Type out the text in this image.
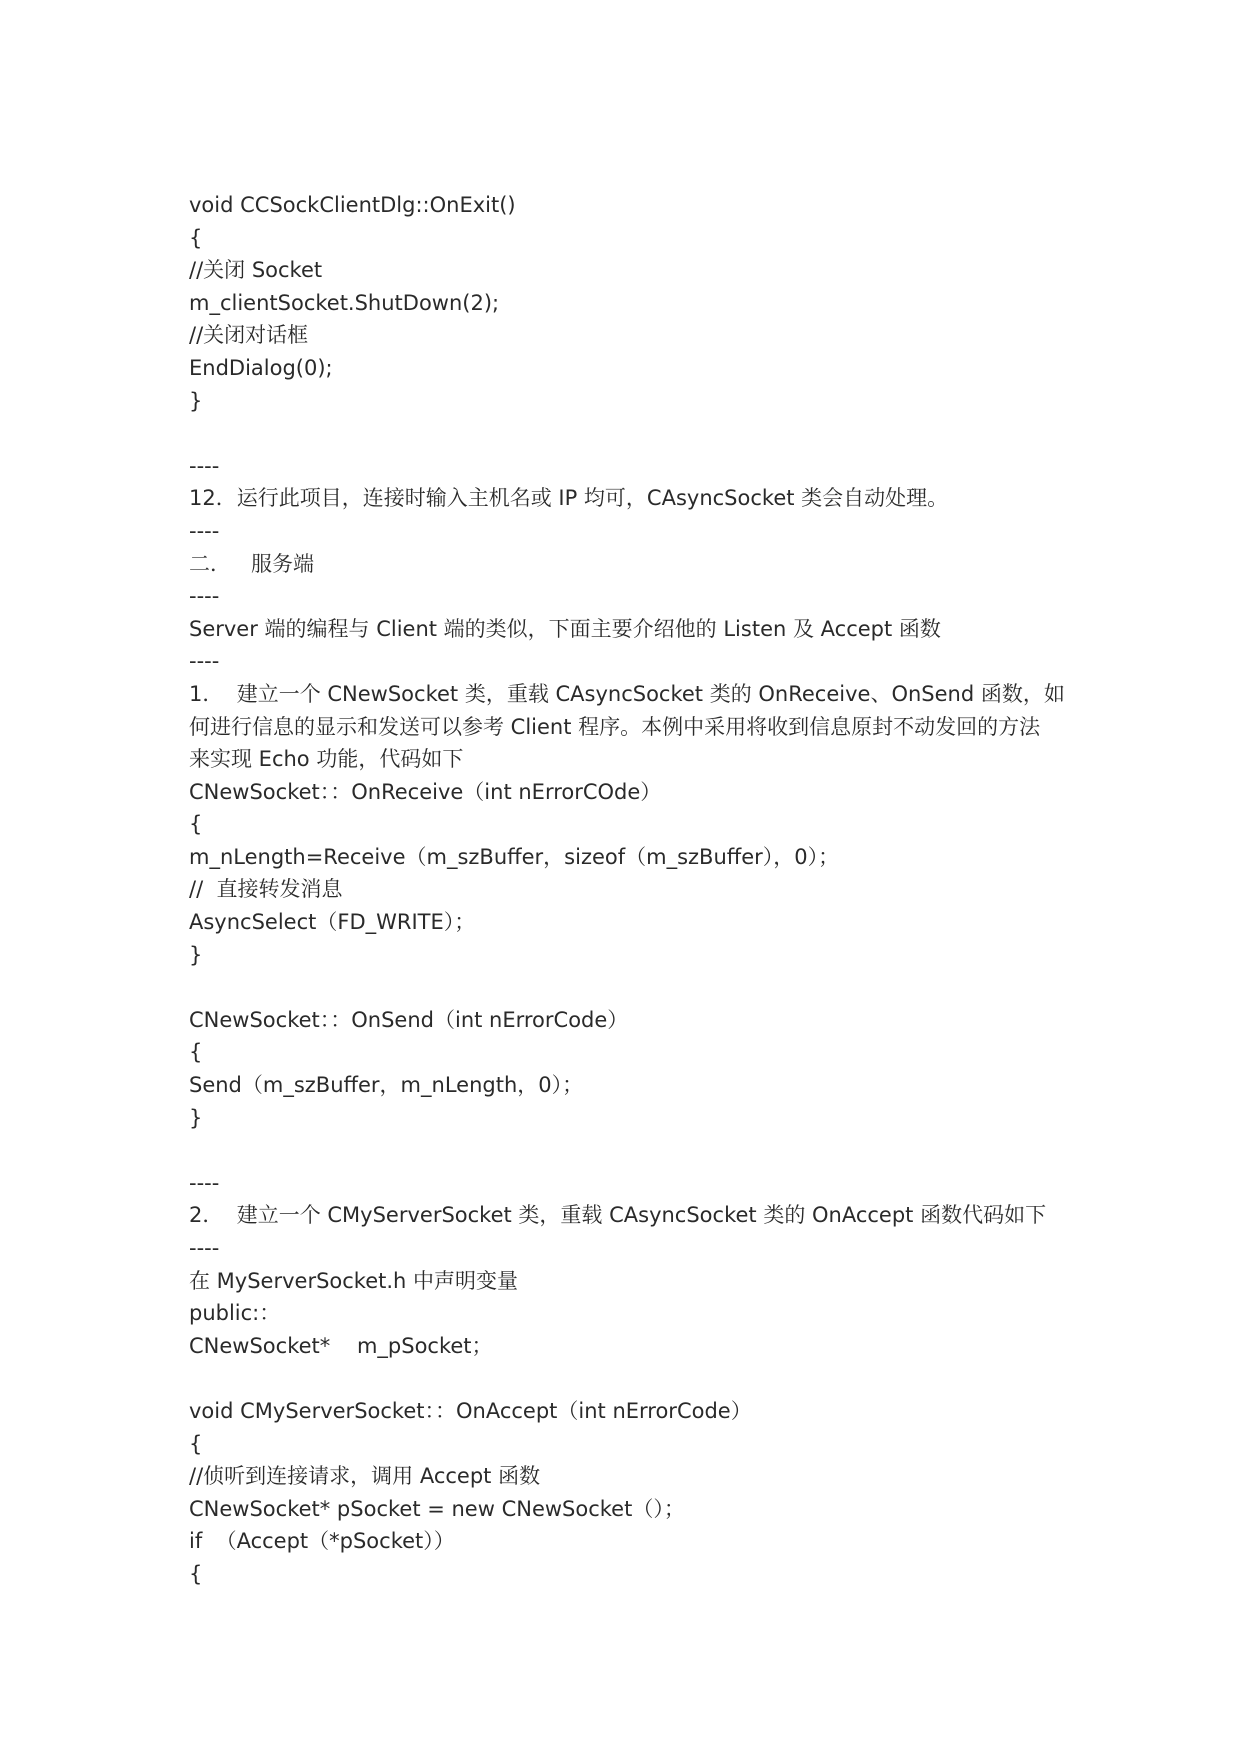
void CCSockClientDlg::OnExit()
{
//关闭 Socket
m_clientSocket.ShutDown(2);
//关闭对话框
EndDialog(0);
}
----
12．运行此项目，连接时输入主机名或 IP 均可，CAsyncSocket 类会自动处理。
----
二．   服务端
----
Server 端的编程与 Client 端的类似，下面主要介绍他的 Listen 及 Accept 函数
----
1．  建立一个 CNewSocket 类，重载 CAsyncSocket 类的 OnReceive、OnSend 函数，如
何进行信息的显示和发送可以参考 Client 程序。本例中采用将收到信息原封不动发回的方法
来实现 Echo 功能，代码如下
CNewSocket：：OnReceive（int nErrorCOde）
{
m_nLength=Receive（m_szBuffer，sizeof（m_szBuffer），0）；
//  直接转发消息
AsyncSelect（FD_WRITE）；
}
CNewSocket：：OnSend（int nErrorCode）
{
Send（m_szBuffer，m_nLength，0）；
}
----
2．  建立一个 CMyServerSocket 类，重载 CAsyncSocket 类的 OnAccept 函数代码如下
----
在 MyServerSocket.h 中声明变量
public:：
CNewSocket*    m_pSocket；
void CMyServerSocket：：OnAccept（int nErrorCode）
{
//侦听到连接请求，调用 Accept 函数
CNewSocket* pSocket = new CNewSocket（）；
if  （Accept（*pSocket））
{
